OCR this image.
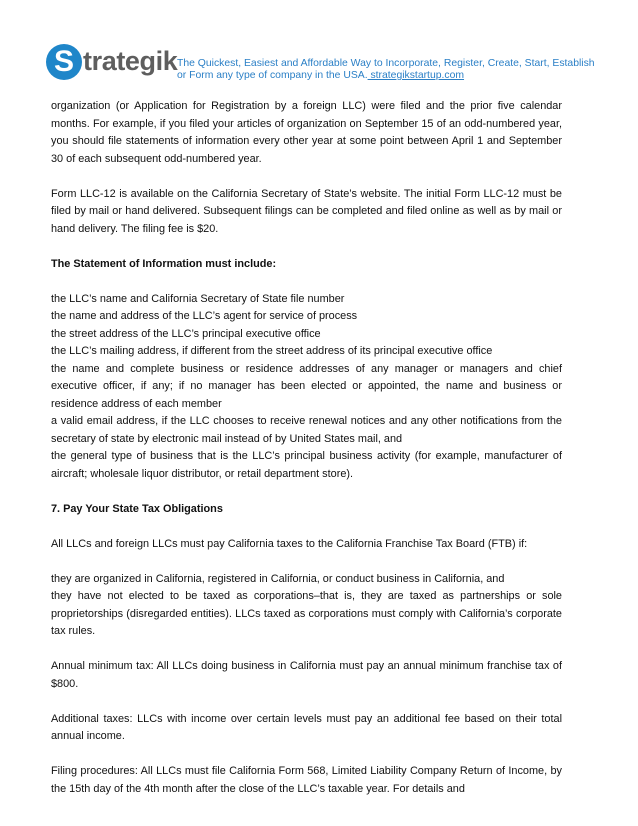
S trategik The Quickest, Easiest and Affordable Way to Incorporate, Register, Create, Start, Establish or Form any type of company in the USA. strategikstartup.com

organization (or Application for Registration by a foreign LLC) were filed and the prior five calendar months. For example, if you filed your articles of organization on September 15 of an odd-numbered year, you should file statements of information every other year at some point between April 1 and September 30 of each subsequent odd-numbered year.

Form LLC-12 is available on the California Secretary of State’s website. The initial Form LLC-12 must be filed by mail or hand delivered. Subsequent filings can be completed and filed online as well as by mail or hand delivery. The filing fee is $20.

The Statement of Information must include:

the LLC’s name and California Secretary of State file number
the name and address of the LLC’s agent for service of process
the street address of the LLC’s principal executive office
the LLC’s mailing address, if different from the street address of its principal executive office
the name and complete business or residence addresses of any manager or managers and chief executive officer, if any; if no manager has been elected or appointed, the name and business or residence address of each member
a valid email address, if the LLC chooses to receive renewal notices and any other notifications from the secretary of state by electronic mail instead of by United States mail, and
the general type of business that is the LLC’s principal business activity (for example, manufacturer of aircraft; wholesale liquor distributor, or retail department store).

7. Pay Your State Tax Obligations

All LLCs and foreign LLCs must pay California taxes to the California Franchise Tax Board (FTB) if:

they are organized in California, registered in California, or conduct business in California, and
they have not elected to be taxed as corporations–that is, they are taxed as partnerships or sole proprietorships (disregarded entities). LLCs taxed as corporations must comply with California’s corporate tax rules.

Annual minimum tax: All LLCs doing business in California must pay an annual minimum franchise tax of $800.

Additional taxes: LLCs with income over certain levels must pay an additional fee based on their total annual income.

Filing procedures: All LLCs must file California Form 568, Limited Liability Company Return of Income, by the 15th day of the 4th month after the close of the LLC’s taxable year. For details and
